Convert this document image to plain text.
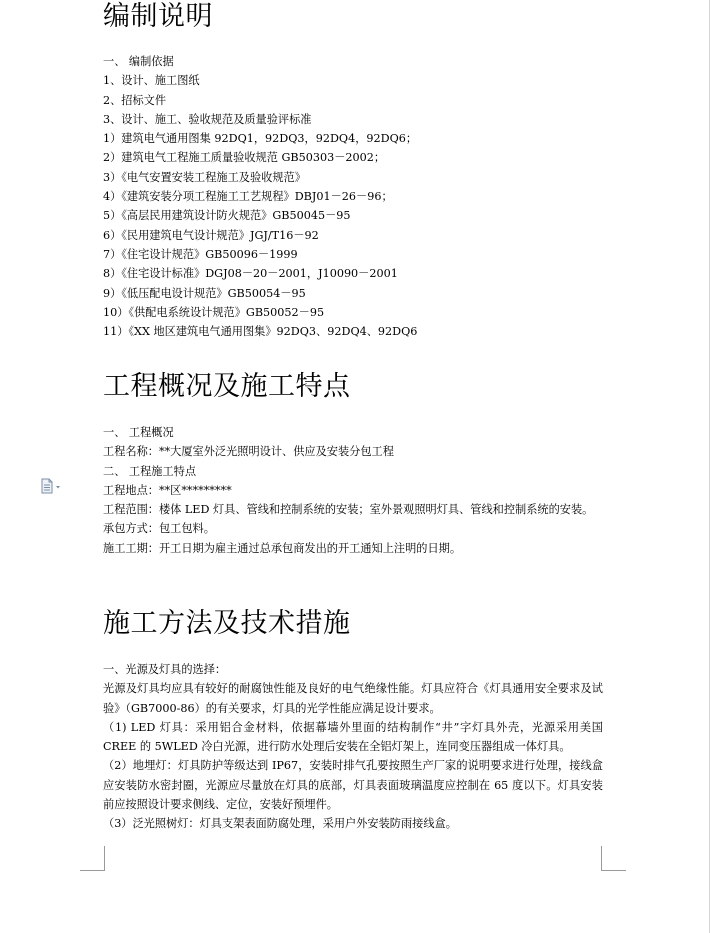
编制说明
一、 编制依据
1、设计、施工图纸
2、招标文件
3、设计、施工、验收规范及质量验评标准
1）建筑电气通用图集 92DQ1，92DQ3，92DQ4，92DQ6；
2）建筑电气工程施工质量验收规范 GB50303－2002；
3）《电气安置安装工程施工及验收规范》
4）《建筑安装分项工程施工工艺规程》DBJ01－26－96；
5）《高层民用建筑设计防火规范》GB50045－95
6）《民用建筑电气设计规范》JGJ/T16－92
7）《住宅设计规范》GB50096－1999
8）《住宅设计标准》DGJ08－20－2001，J10090－2001
9）《低压配电设计规范》GB50054－95
10）《供配电系统设计规范》GB50052－95
11）《XX 地区建筑电气通用图集》92DQ3、92DQ4、92DQ6
工程概况及施工特点
一、 工程概况
工程名称：**大厦室外泛光照明设计、供应及安装分包工程
二、 工程施工特点
工程地点：**区*********
工程范围：楼体 LED 灯具、管线和控制系统的安装；室外景观照明灯具、管线和控制系统的安装。
承包方式：包工包料。
施工工期：开工日期为雇主通过总承包商发出的开工通知上注明的日期。
施工方法及技术措施
一、光源及灯具的选择：
光源及灯具均应具有较好的耐腐蚀性能及良好的电气绝缘性能。灯具应符合《灯具通用安全要求及试验》（GB7000-86）的有关要求，灯具的光学性能应满足设计要求。
（1) LED 灯具：采用铝合金材料，依据幕墙外里面的结构制作“井”字灯具外壳，光源采用美国 CREE 的 5WLED 冷白光源，进行防水处理后安装在全铝灯架上，连同变压器组成一体灯具。
（2）地埋灯：灯具防护等级达到 IP67，安装时排气孔要按照生产厂家的说明要求进行处理，接线盒应安装防水密封圈，光源应尽量放在灯具的底部，灯具表面玻璃温度应控制在 65 度以下。灯具安装前应按照设计要求侧线、定位，安装好预埋件。
（3）泛光照树灯：灯具支架表面防腐处理，采用户外安装防雨接线盒。
